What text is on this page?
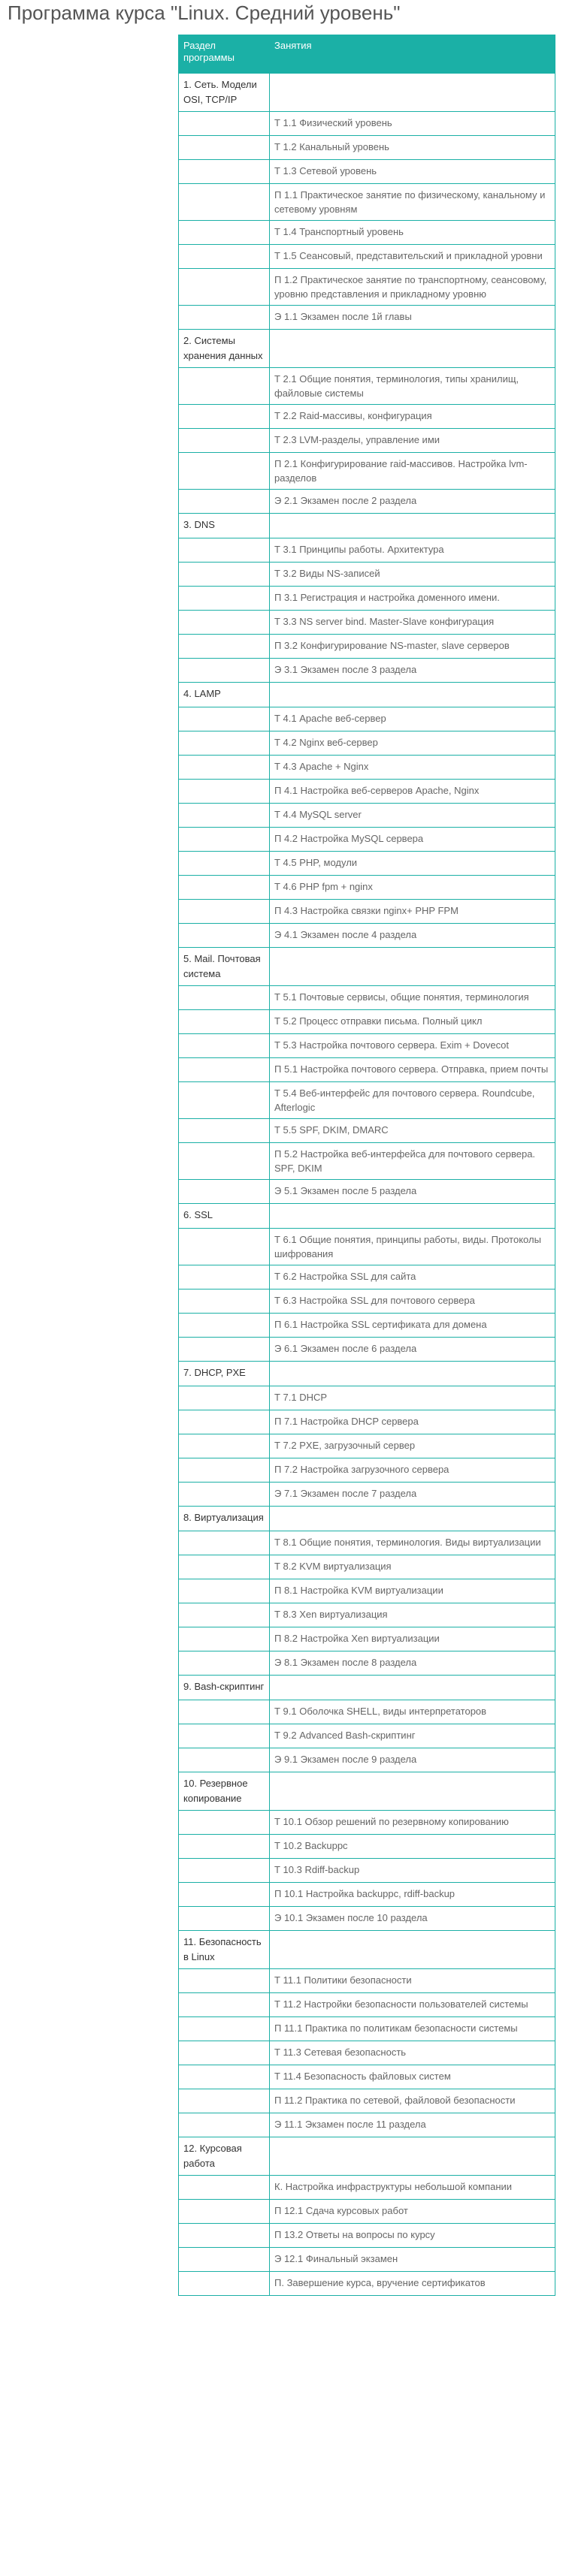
Программа курса "Linux. Средний уровень"
Раздел программы	Занятия
1. Сеть. Модели OSI, TCP/IP	
	Т 1.1 Физический уровень
	Т 1.2 Канальный уровень
	Т 1.3 Сетевой уровень
	П 1.1 Практическое занятие по физическому, канальному и сетевому уровням
	Т 1.4 Транспортный уровень
	Т 1.5 Сеансовый, представительский и прикладной уровни
	П 1.2 Практическое занятие по транспортному, сеансовому, уровню представления и прикладному уровню
	Э 1.1 Экзамен после 1й главы
2. Системы хранения данных	
	Т 2.1 Общие понятия, терминология, типы хранилищ, файловые системы
	Т 2.2 Raid-массивы, конфигурация
	Т 2.3 LVM-разделы, управление ими
	П 2.1 Конфигурирование raid-массивов. Настройка lvm-разделов
	Э 2.1 Экзамен после 2 раздела
3. DNS	
	Т 3.1 Принципы работы. Архитектура
	Т 3.2 Виды NS-записей
	П 3.1 Регистрация и настройка доменного имени.
	Т 3.3 NS server bind. Master-Slave конфигурация
	П 3.2 Конфигурирование NS-master, slave серверов
	Э 3.1 Экзамен после 3 раздела
4. LAMP	
	Т 4.1 Apache веб-сервер
	Т 4.2 Nginx веб-сервер
	Т 4.3 Apache + Nginx
	П 4.1 Настройка веб-серверов Apache, Nginx
	Т 4.4 MySQL server
	П 4.2 Настройка MySQL сервера
	Т 4.5 PHP, модули
	Т 4.6 PHP fpm + nginx
	П 4.3 Настройка связки nginx+ PHP FPM
	Э 4.1 Экзамен после 4 раздела
5. Mail. Почтовая система	
	Т 5.1 Почтовые сервисы, общие понятия, терминология
	Т 5.2 Процесс отправки письма. Полный цикл
	Т 5.3 Настройка почтового сервера. Exim + Dovecot
	П 5.1 Настройка почтового сервера. Отправка, прием почты
	Т 5.4 Веб-интерфейс для почтового сервера. Roundcube, Afterlogic
	Т 5.5 SPF, DKIM, DMARC
	П 5.2 Настройка веб-интерфейса для почтового сервера. SPF, DKIM
	Э 5.1 Экзамен после 5 раздела
6. SSL	
	Т 6.1 Общие понятия, принципы работы, виды. Протоколы шифрования
	Т 6.2 Настройка SSL для сайта
	Т 6.3 Настройка SSL для почтового сервера
	П 6.1 Настройка SSL сертификата для домена
	Э 6.1 Экзамен после 6 раздела
7. DHCP, PXE	
	Т 7.1 DHCP
	П 7.1 Настройка DHCP сервера
	Т 7.2 PXE, загрузочный сервер
	П 7.2 Настройка загрузочного сервера
	Э 7.1 Экзамен после 7 раздела
8. Виртуализация	
	Т 8.1 Общие понятия, терминология. Виды виртуализации
	Т 8.2 KVM виртуализация
	П 8.1 Настройка KVM виртуализации
	Т 8.3 Xen виртуализация
	П 8.2 Настройка Xen виртуализации
	Э 8.1 Экзамен после 8 раздела
9. Bash-скриптинг	
	Т 9.1 Оболочка SHELL, виды интерпретаторов
	Т 9.2 Advanced Bash-скриптинг
	Э 9.1 Экзамен после 9 раздела
10. Резервное копирование	
	Т 10.1 Обзор решений по резервному копированию
	Т 10.2 Backuppc
	Т 10.3 Rdiff-backup
	П 10.1 Настройка backuppc, rdiff-backup
	Э 10.1 Экзамен после 10 раздела
11. Безопасность в Linux	
	Т 11.1 Политики безопасности
	Т 11.2 Настройки безопасности пользователей системы
	П 11.1 Практика по политикам безопасности системы
	Т 11.3 Сетевая безопасность
	Т 11.4 Безопасность файловых систем
	П 11.2 Практика по сетевой, файловой безопасности
	Э 11.1 Экзамен после 11 раздела
12. Курсовая работа	
	К. Настройка инфраструктуры небольшой компании
	П 12.1 Сдача курсовых работ
	П 13.2 Ответы на вопросы по курсу
	Э 12.1 Финальный экзамен
	П. Завершение курса, вручение сертификатов
